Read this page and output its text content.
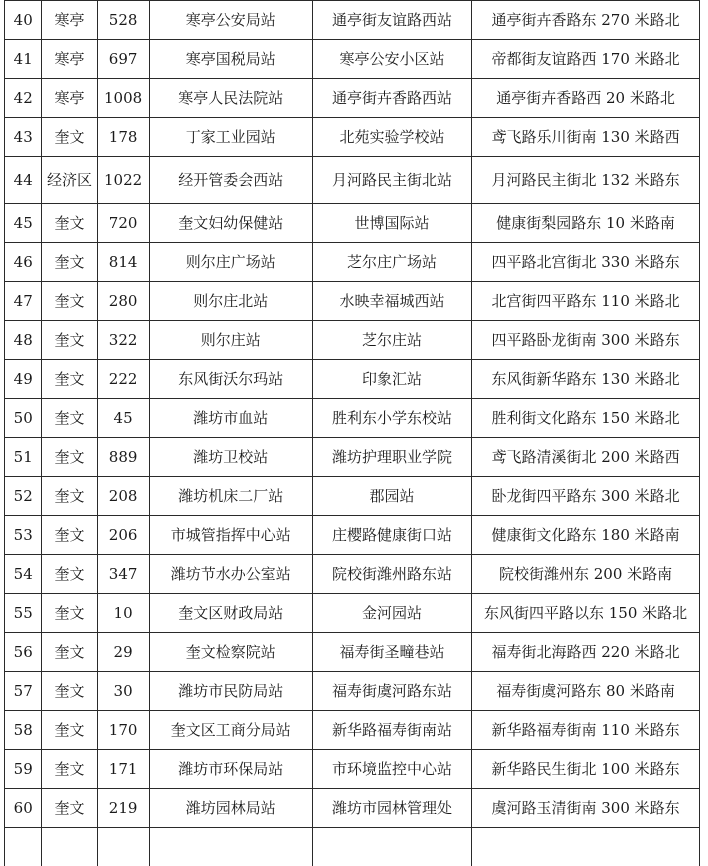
40	寒亭	528	寒亭公安局站	通亭街友谊路西站	通亭街卉香路东 270 米路北
41	寒亭	697	寒亭国税局站	寒亭公安小区站	帝都街友谊路西 170 米路北
42	寒亭	1008	寒亭人民法院站	通亭街卉香路西站	通亭街卉香路西 20 米路北
43	奎文	178	丁家工业园站	北苑实验学校站	鸢飞路乐川街南 130 米路西
44	经济区	1022	经开管委会西站	月河路民主街北站	月河路民主街北 132 米路东
45	奎文	720	奎文妇幼保健站	世博国际站	健康街梨园路东 10 米路南
46	奎文	814	则尔庄广场站	芝尔庄广场站	四平路北宫街北 330 米路东
47	奎文	280	则尔庄北站	水映幸福城西站	北宫街四平路东 110 米路北
48	奎文	322	则尔庄站	芝尔庄站	四平路卧龙街南 300 米路东
49	奎文	222	东风街沃尔玛站	印象汇站	东风街新华路东 130 米路北
50	奎文	45	潍坊市血站	胜利东小学东校站	胜利街文化路东 150 米路北
51	奎文	889	潍坊卫校站	潍坊护理职业学院	鸢飞路清溪街北 200 米路西
52	奎文	208	潍坊机床二厂站	郡园站	卧龙街四平路东 300 米路北
53	奎文	206	市城管指挥中心站	庄樱路健康街口站	健康街文化路东 180 米路南
54	奎文	347	潍坊节水办公室站	院校街潍州路东站	院校街潍州东 200 米路南
55	奎文	10	奎文区财政局站	金河园站	东风街四平路以东 150 米路北
56	奎文	29	奎文检察院站	福寿街圣疃巷站	福寿街北海路西 220 米路北
57	奎文	30	潍坊市民防局站	福寿街虞河路东站	福寿街虞河路东 80 米路南
58	奎文	170	奎文区工商分局站	新华路福寿街南站	新华路福寿街南 110 米路东
59	奎文	171	潍坊市环保局站	市环境监控中心站	新华路民生街北 100 米路东
60	奎文	219	潍坊园林局站	潍坊市园林管理处	虞河路玉清街南 300 米路东
